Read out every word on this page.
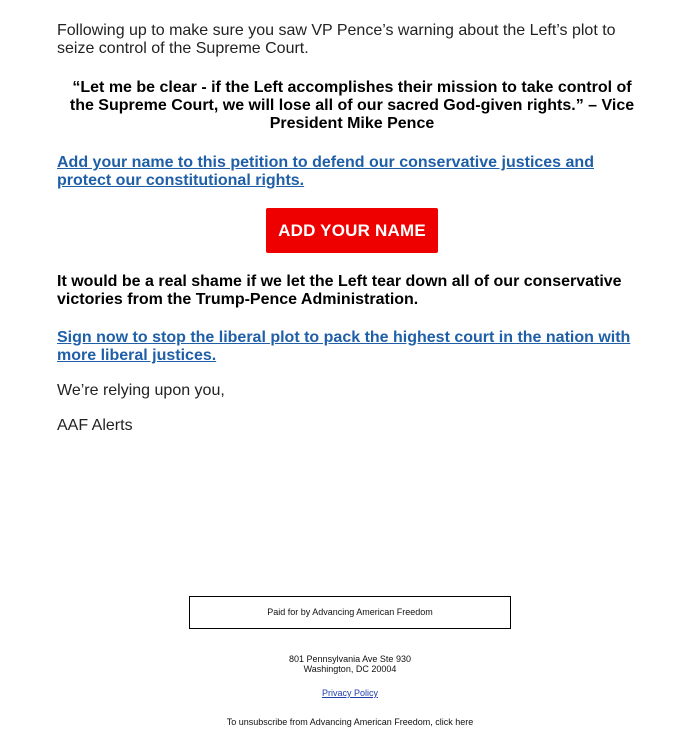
Following up to make sure you saw VP Pence’s warning about the Left’s plot to seize control of the Supreme Court.

“Let me be clear - if the Left accomplishes their mission to take control of the Supreme Court, we will lose all of our sacred God-given rights.” – Vice President Mike Pence

Add your name to this petition to defend our conservative justices and protect our constitutional rights.
ADD YOUR NAME

It would be a real shame if we let the Left tear down all of our conservative victories from the Trump-Pence Administration.

Sign now to stop the liberal plot to pack the highest court in the nation with more liberal justices.

We’re relying upon you,

AAF Alerts

Paid for by Advancing American Freedom
801 Pennsylvania Ave Ste 930
Washington, DC 20004
Privacy Policy
To unsubscribe from Advancing American Freedom, click here
